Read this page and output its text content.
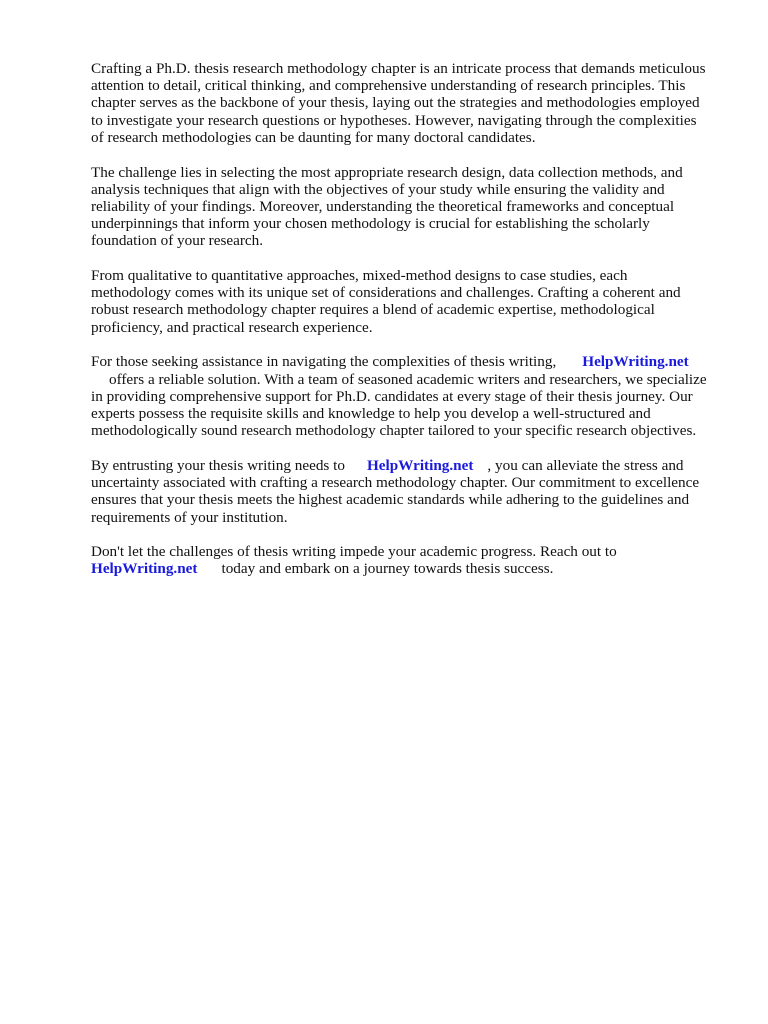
Crafting a Ph.D. thesis research methodology chapter is an intricate process that demands meticulous
attention to detail, critical thinking, and comprehensive understanding of research principles. This
chapter serves as the backbone of your thesis, laying out the strategies and methodologies employed
to investigate your research questions or hypotheses. However, navigating through the complexities
of research methodologies can be daunting for many doctoral candidates.
The challenge lies in selecting the most appropriate research design, data collection methods, and
analysis techniques that align with the objectives of your study while ensuring the validity and
reliability of your findings. Moreover, understanding the theoretical frameworks and conceptual
underpinnings that inform your chosen methodology is crucial for establishing the scholarly
foundation of your research.
From qualitative to quantitative approaches, mixed-method designs to case studies, each
methodology comes with its unique set of considerations and challenges. Crafting a coherent and
robust research methodology chapter requires a blend of academic expertise, methodological
proficiency, and practical research experience.
For those seeking assistance in navigating the complexities of thesis writing, HelpWriting.net
offers a reliable solution. With a team of seasoned academic writers and researchers, we specialize
in providing comprehensive support for Ph.D. candidates at every stage of their thesis journey. Our
experts possess the requisite skills and knowledge to help you develop a well-structured and
methodologically sound research methodology chapter tailored to your specific research objectives.
By entrusting your thesis writing needs to HelpWriting.net , you can alleviate the stress and
uncertainty associated with crafting a research methodology chapter. Our commitment to excellence
ensures that your thesis meets the highest academic standards while adhering to the guidelines and
requirements of your institution.
Don't let the challenges of thesis writing impede your academic progress. Reach out to
HelpWriting.net today and embark on a journey towards thesis success.
